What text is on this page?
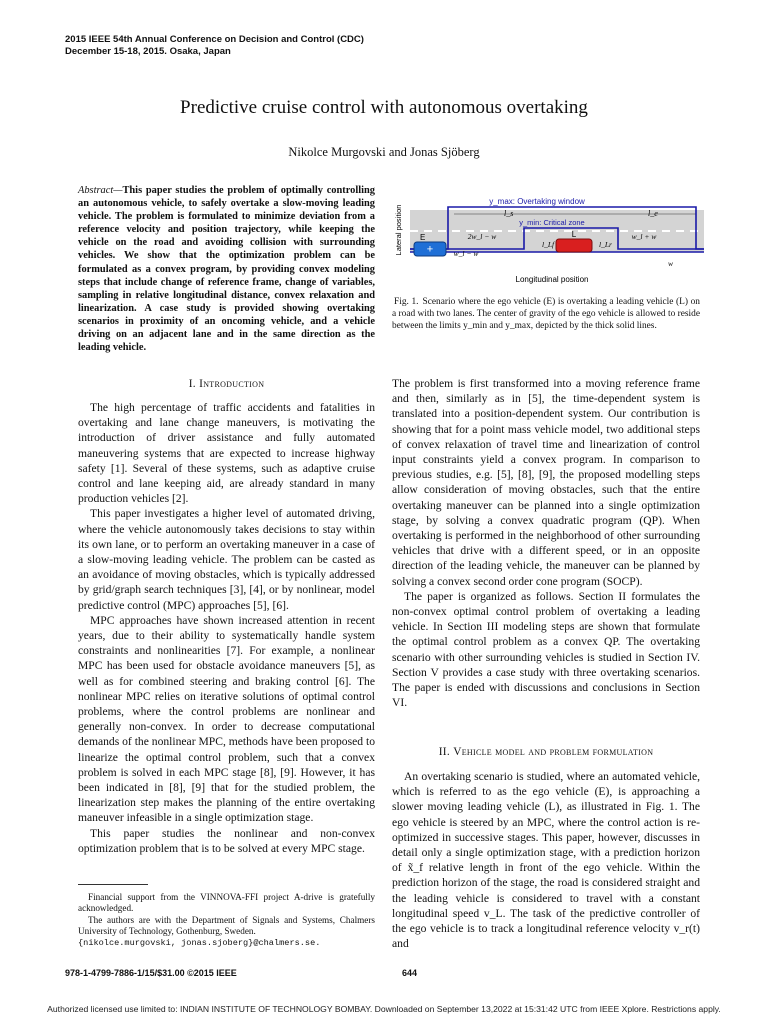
2015 IEEE 54th Annual Conference on Decision and Control (CDC)
December 15-18, 2015. Osaka, Japan
Predictive cruise control with autonomous overtaking
Nikolce Murgovski and Jonas Sjöberg
Abstract—This paper studies the problem of optimally controlling an autonomous vehicle, to safely overtake a slow-moving leading vehicle. The problem is formulated to minimize deviation from a reference velocity and position trajectory, while keeping the vehicle on the road and avoiding collision with surrounding vehicles. We show that the optimization problem can be formulated as a convex program, by providing convex modeling steps that include change of reference frame, change of variables, sampling in relative longitudinal distance, convex relaxation and linearization. A case study is provided showing overtaking scenarios in proximity of an oncoming vehicle, and a vehicle driving on an adjacent lane and in the same direction as the leading vehicle.
I. Introduction

The high percentage of traffic accidents and fatalities in overtaking and lane change maneuvers, is motivating the introduction of driver assistance and fully automated maneuvering systems that are expected to increase highway safety [1]. Several of these systems, such as adaptive cruise control and lane keeping aid, are already standard in many production vehicles [2].

This paper investigates a higher level of automated driving, where the vehicle autonomously takes decisions to stay within its own lane, or to perform an overtaking maneuver in a case of a slow-moving leading vehicle. The problem can be casted as an avoidance of moving obstacles, which is typically addressed by grid/graph search techniques [3], [4], or by nonlinear, model predictive control (MPC) approaches [5], [6].

MPC approaches have shown increased attention in recent years, due to their ability to systematically handle system constraints and nonlinearities [7]. For example, a nonlinear MPC has been used for obstacle avoidance maneuvers [5], as well as for combined steering and braking control [6]. The nonlinear MPC relies on iterative solutions of optimal control problems, where the control problems are nonlinear and generally non-convex. In order to decrease computational demands of the nonlinear MPC, methods have been proposed to linearize the optimal control problem, such that a convex problem is solved in each MPC stage [8], [9]. However, it has been indicated in [8], [9] that for the studied problem, the linearization step makes the planning of the entire overtaking maneuver infeasible in a single optimization stage.

This paper studies the nonlinear and non-convex optimization problem that is to be solved at every MPC stage.

Financial support from the VINNOVA-FFI project A-drive is gratefully acknowledged.
The authors are with the Department of Signals and Systems, Chalmers University of Technology, Gothenburg, Sweden.
{nikolce.murgovski, jonas.sjoberg}@chalmers.se.
+
E	L
y_max: Overtaking window
y_min: Critical zone
l_s	l_e
2w_l − w
l_Lf	l_Lr
w_l − w
w_l + w
w
Longitudinal position
Lateral position
Fig. 1. Scenario where the ego vehicle (E) is overtaking a leading vehicle (L) on a road with two lanes. The center of gravity of the ego vehicle is allowed to reside between the limits y_min and y_max, depicted by the thick solid lines.

The problem is first transformed into a moving reference frame and then, similarly as in [5], the time-dependent system is translated into a position-dependent system. Our contribution is showing that for a point mass vehicle model, two additional steps of convex relaxation of travel time and linearization of control input constraints yield a convex program. In comparison to previous studies, e.g. [5], [8], [9], the proposed modelling steps allow consideration of moving obstacles, such that the entire overtaking maneuver can be planned into a single optimization stage, by solving a convex quadratic program (QP). When overtaking is performed in the neighborhood of other surrounding vehicles that drive with a different speed, or in an opposite direction of the leading vehicle, the maneuver can be planned by solving a convex second order cone program (SOCP).

The paper is organized as follows. Section II formulates the non-convex optimal control problem of overtaking a leading vehicle. In Section III modeling steps are shown that formulate the optimal control problem as a convex QP. The overtaking scenario with other surrounding vehicles is studied in Section IV. Section V provides a case study with three overtaking scenarios. The paper is ended with discussions and conclusions in Section VI.

II. Vehicle model and problem formulation

An overtaking scenario is studied, where an automated vehicle, which is referred to as the ego vehicle (E), is approaching a slower moving leading vehicle (L), as illustrated in Fig. 1. The ego vehicle is steered by an MPC, where the control action is re-optimized in successive stages. This paper, however, discusses in detail only a single optimization stage, with a prediction horizon of x̃_f relative length in front of the ego vehicle. Within the prediction horizon of the stage, the road is considered straight and the leading vehicle is considered to travel with a constant longitudinal speed v_L. The task of the predictive controller of the ego vehicle is to track a longitudinal reference velocity v_r(t) and

978-1-4799-7886-1/15/$31.00 ©2015 IEEE	644
Authorized licensed use limited to: INDIAN INSTITUTE OF TECHNOLOGY BOMBAY. Downloaded on September 13,2022 at 15:31:42 UTC from IEEE Xplore. Restrictions apply.
